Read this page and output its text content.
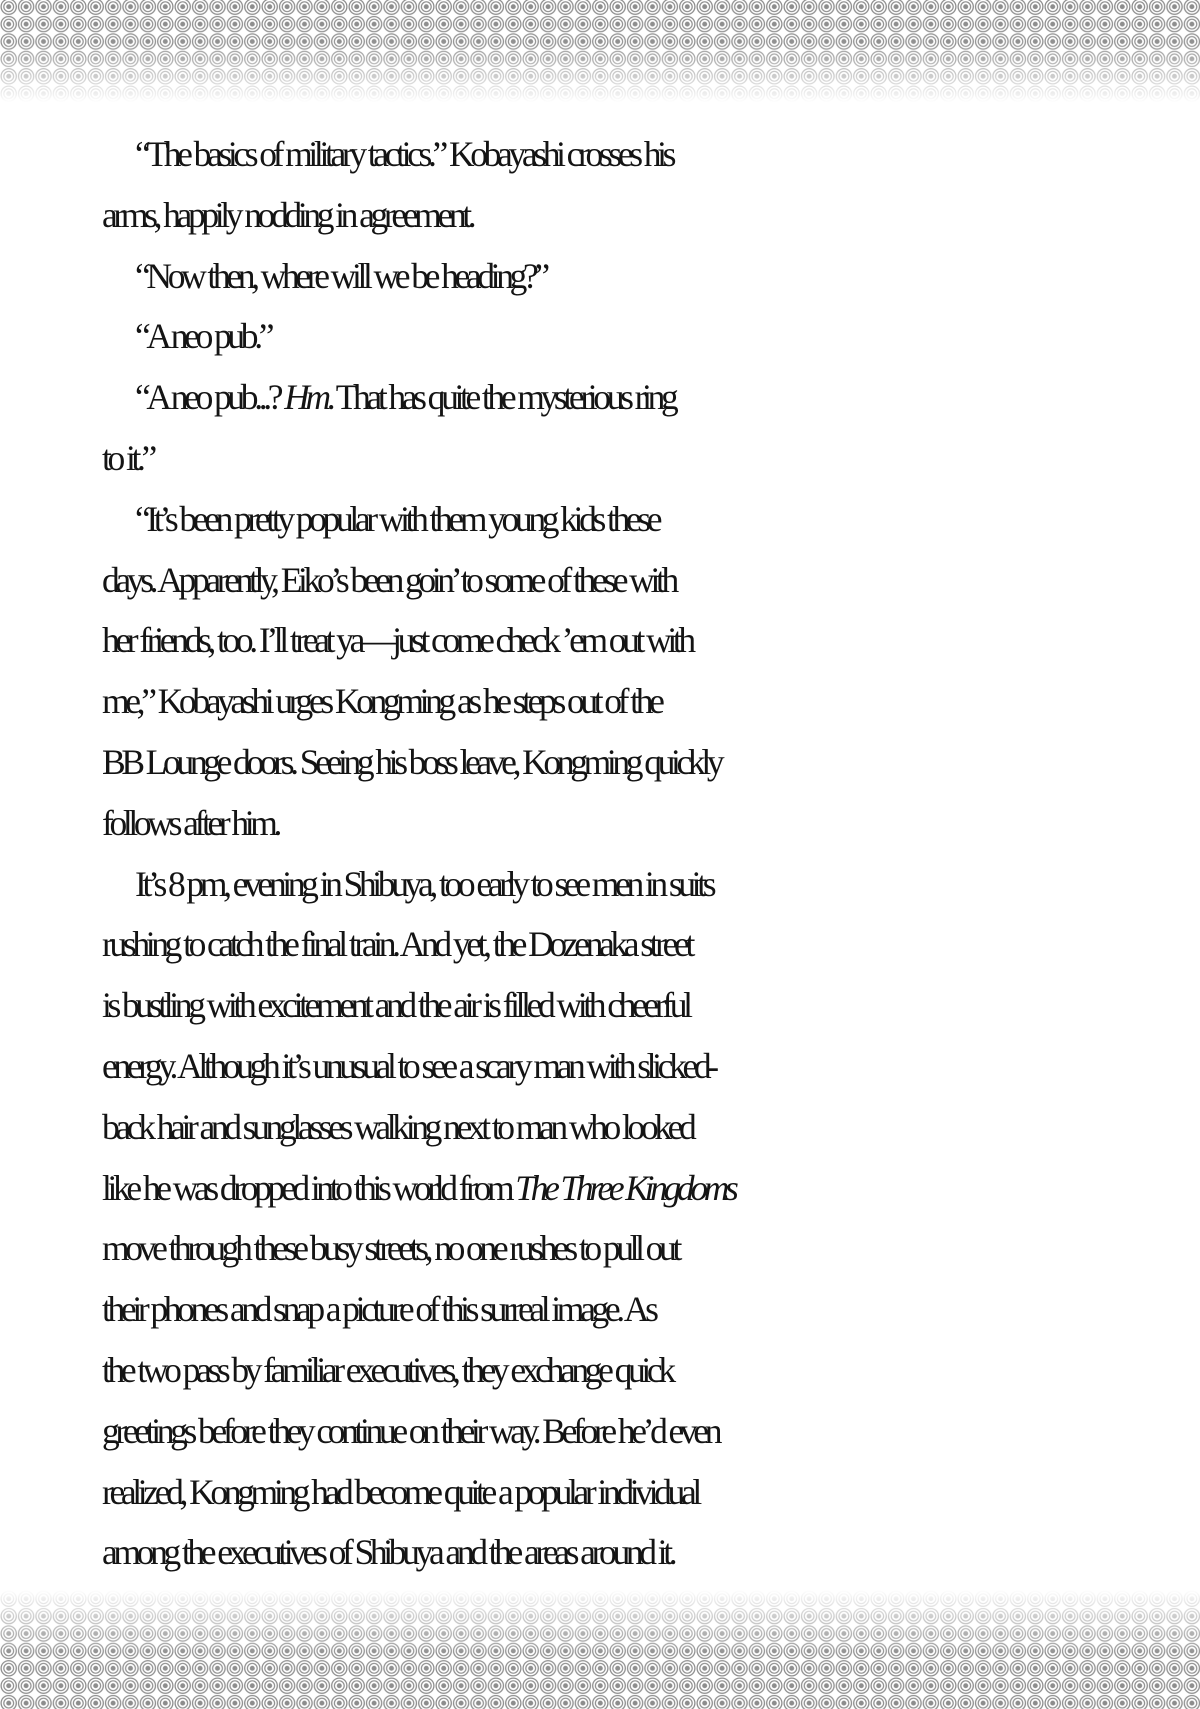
“The basics of military tactics.” Kobayashi crosses his
arms, happily nodding in agreement.
“Now then, where will we be heading?”
“A neo pub.”
“A neo pub...? Hm. That has quite the mysterious ring
to it.”
“It’s been pretty popular with them young kids these
days. Apparently, Eiko’s been goin’ to some of these with
her friends, too. I’ll treat ya—just come check ’em out with
me,” Kobayashi urges Kongming as he steps out of the
BB Lounge doors. Seeing his boss leave, Kongming quickly
follows after him.
It’s 8 pm, evening in Shibuya, too early to see men in suits
rushing to catch the final train. And yet, the Dozenaka street
is bustling with excitement and the air is filled with cheerful
energy. Although it’s unusual to see a scary man with slicked-
back hair and sunglasses walking next to man who looked
like he was dropped into this world from The Three Kingdoms
move through these busy streets, no one rushes to pull out
their phones and snap a picture of this surreal image. As
the two pass by familiar executives, they exchange quick
greetings before they continue on their way. Before he’d even
realized, Kongming had become quite a popular individual
among the executives of Shibuya and the areas around it.
